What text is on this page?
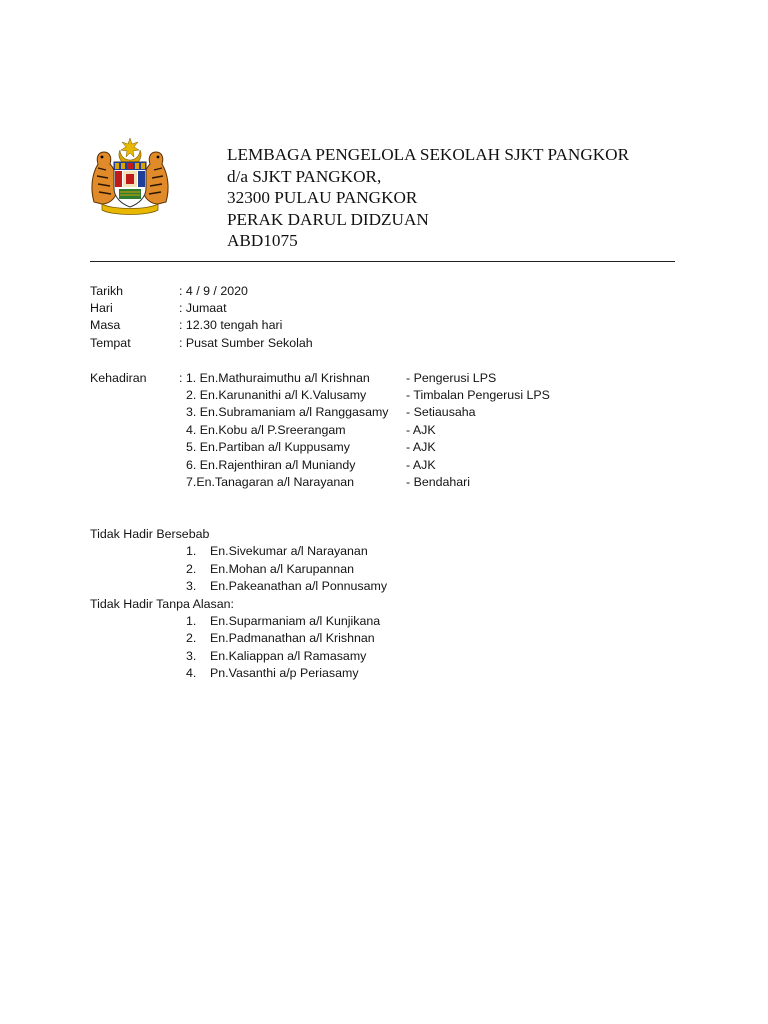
LEMBAGA PENGELOLA SEKOLAH SJKT PANGKOR
d/a SJKT PANGKOR,
32300 PULAU PANGKOR
PERAK DARUL DIDZUAN
ABD1075
Tarikh	: 4 / 9 / 2020
Hari	: Jumaat
Masa	: 12.30 tengah hari
Tempat	: Pusat Sumber Sekolah
Kehadiran	: 1. En.Mathuraimuthu a/l Krishnan	- Pengerusi LPS
2. En.Karunanithi a/l K.Valusamy	- Timbalan Pengerusi LPS
3. En.Subramaniam a/l Ranggasamy - Setiausaha
4. En.Kobu a/l P.Sreerangam	- AJK
5. En.Partiban a/l Kuppusamy	- AJK
6. En.Rajenthiran a/l Muniandy	- AJK
7.En.Tanagaran a/l Narayanan	- Bendahari
Tidak Hadir Bersebab
1. En.Sivekumar a/l Narayanan
2. En.Mohan a/l Karupannan
3. En.Pakeanathan a/l Ponnusamy
Tidak Hadir Tanpa Alasan:
1. En.Suparmaniam a/l Kunjikana
2. En.Padmanathan a/l Krishnan
3. En.Kaliappan a/l Ramasamy
4. Pn.Vasanthi a/p Periasamy
